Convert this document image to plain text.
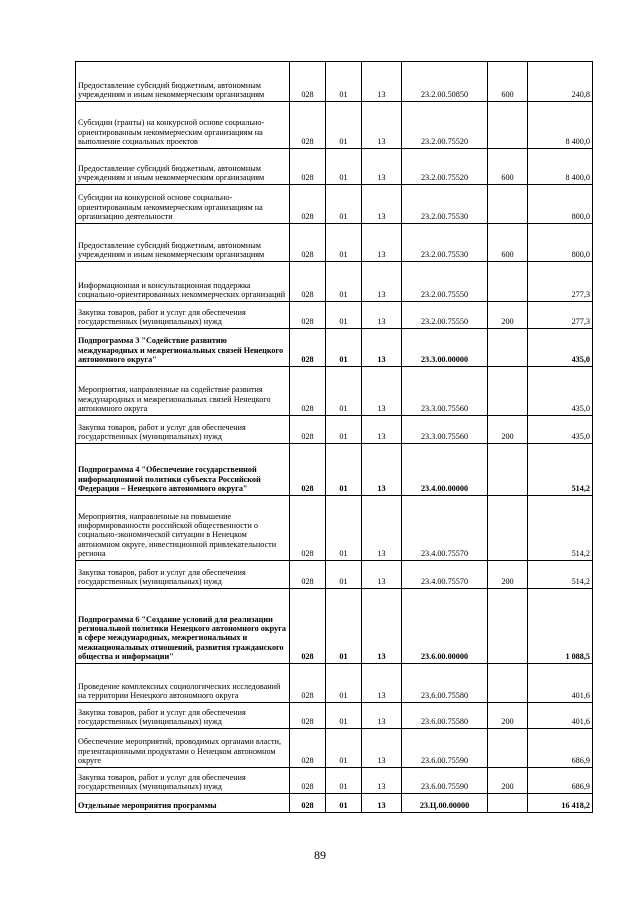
Предоставление субсидий бюджетным, автономным учреждениям и иным некоммерческим организациям	028	01	13	23.2.00.50850	600	240,8
Субсидии (гранты) на конкурсной основе социально-ориентированным некоммерческим организациям на выполнение социальных проектов	028	01	13	23.2.00.75520		8 400,0
Предоставление субсидий бюджетным, автономным учреждениям и иным некоммерческим организациям	028	01	13	23.2.00.75520	600	8 400,0
Субсидии на конкурсной основе социально-ориентированным некоммерческим организациям на организацию деятельности	028	01	13	23.2.00.75530		800,0
Предоставление субсидий бюджетным, автономным учреждениям и иным некоммерческим организациям	028	01	13	23.2.00.75530	600	800,0
Информационная и консультационная поддержка социально-ориентированных некоммерческих организаций	028	01	13	23.2.00.75550		277,3
Закупка товаров, работ и услуг для обеспечения государственных (муниципальных) нужд	028	01	13	23.2.00.75550	200	277,3
Подпрограмма 3 "Содействие развитию международных и межрегиональных связей Ненецкого автономного округа"	028	01	13	23.3.00.00000		435,0
Мероприятия, направленные на содействие развития международных и межрегиональных связей Ненецкого автономного округа	028	01	13	23.3.00.75560		435,0
Закупка товаров, работ и услуг для обеспечения государственных (муниципальных) нужд	028	01	13	23.3.00.75560	200	435,0
Подпрограмма 4 "Обеспечение государственной информационной политики субъекта Российской Федерации – Ненецкого автономного округа"	028	01	13	23.4.00.00000		514,2
Мероприятия, направленные на повышение информированности российской общественности о социально-экономической ситуации в Ненецком автономном округе, инвестиционной привлекательности региона	028	01	13	23.4.00.75570		514,2
Закупка товаров, работ и услуг для обеспечения государственных (муниципальных) нужд	028	01	13	23.4.00.75570	200	514,2
Подпрограмма 6 "Создание условий для реализации региональной политики Ненецкого автономного округа в сфере международных, межрегиональных и межнациональных отношений, развития гражданского общества и информации"	028	01	13	23.6.00.00000		1 088,5
Проведение комплексных социологических исследований на территории Ненецкого автономного округа	028	01	13	23.6.00.75580		401,6
Закупка товаров, работ и услуг для обеспечения государственных (муниципальных) нужд	028	01	13	23.6.00.75580	200	401,6
Обеспечение мероприятий, проводимых органами власти, презентационными продуктами о Ненецком автономном округе	028	01	13	23.6.00.75590		686,9
Закупка товаров, работ и услуг для обеспечения государственных (муниципальных) нужд	028	01	13	23.6.00.75590	200	686,9
Отдельные мероприятия программы	028	01	13	23.Ц.00.00000		16 418,2
89
